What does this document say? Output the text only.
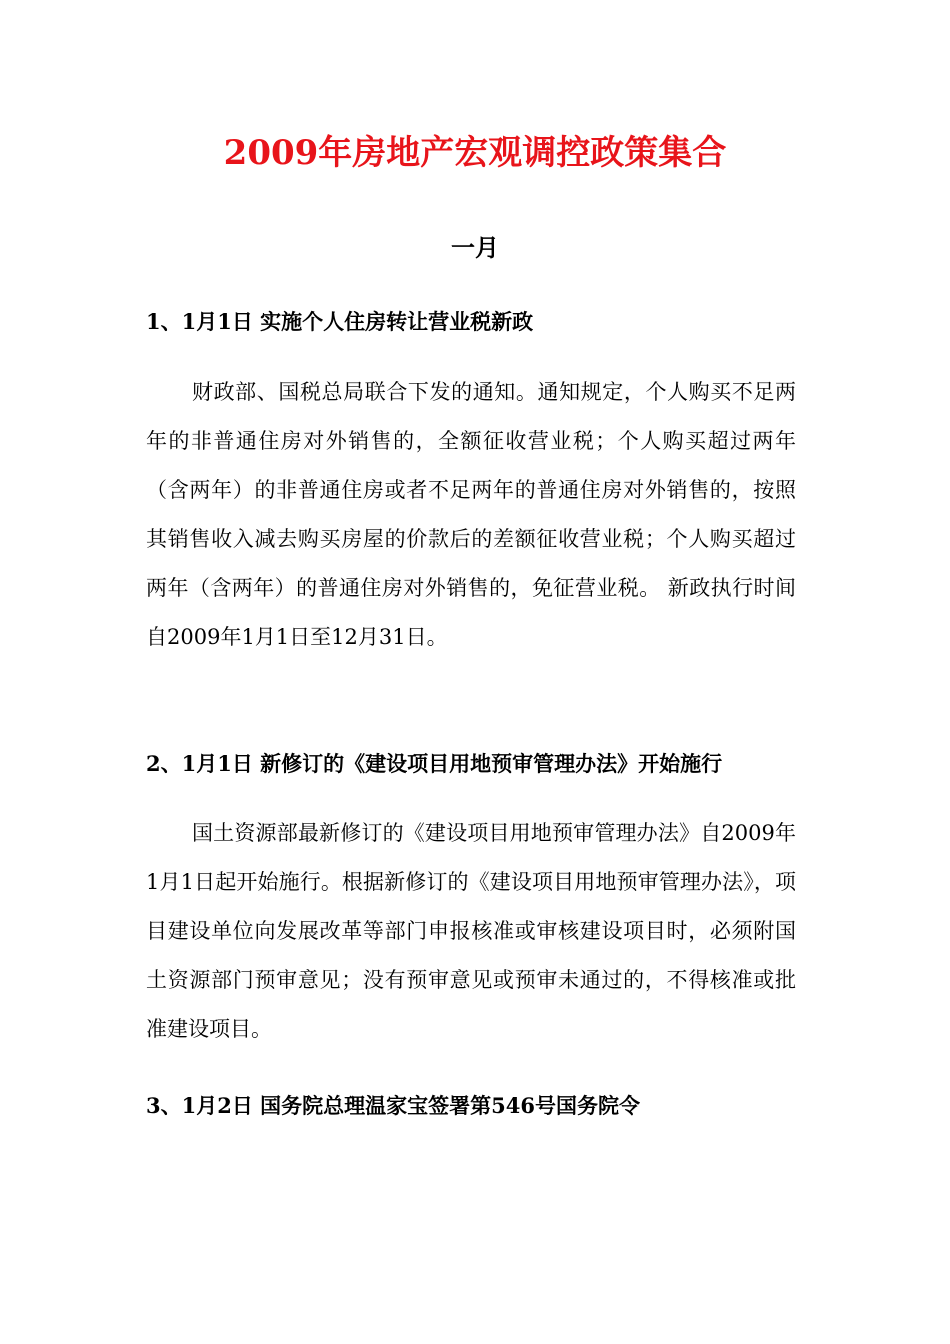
2009年房地产宏观调控政策集合
一月
1、1月1日 实施个人住房转让营业税新政

财政部、国税总局联合下发的通知。通知规定，个人购买不足两年的非普通住房对外销售的，全额征收营业税；个人购买超过两年（含两年）的非普通住房或者不足两年的普通住房对外销售的，按照其销售收入减去购买房屋的价款后的差额征收营业税；个人购买超过两年（含两年）的普通住房对外销售的，免征营业税。 新政执行时间自2009年1月1日至12月31日。

2、1月1日 新修订的《建设项目用地预审管理办法》开始施行

国土资源部最新修订的《建设项目用地预审管理办法》自2009年1月1日起开始施行。根据新修订的《建设项目用地预审管理办法》，项目建设单位向发展改革等部门申报核准或审核建设项目时，必须附国土资源部门预审意见；没有预审意见或预审未通过的，不得核准或批准建设项目。

3、1月2日 国务院总理温家宝签署第546号国务院令
